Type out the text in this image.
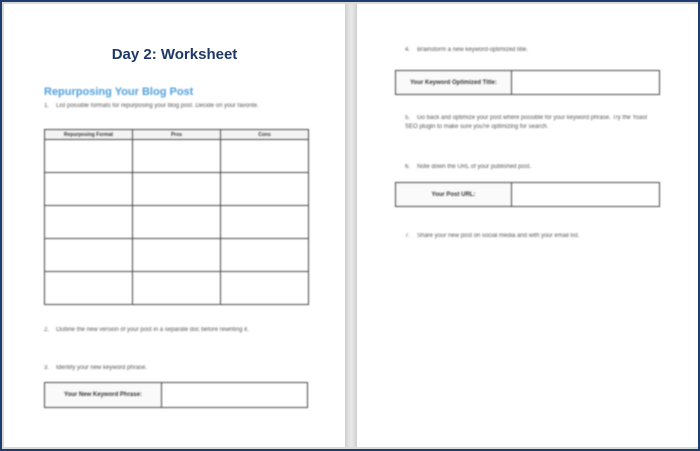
Day 2: Worksheet
Repurposing Your Blog Post
1. List possible formats for repurposing your blog post. Decide on your favorite.
Repurposing Format	Pros	Cons

2. Outline the new version of your post in a separate doc before rewriting it.
3. Identify your new keyword phrase.
Your New Keyword Phrase:
4. Brainstorm a new keyword-optimized title.
Your Keyword Optimized Title:
5. Go back and optimize your post where possible for your keyword phrase. Try the Yoast SEO plugin to make sure you're optimizing for search.
6. Note down the URL of your published post.
Your Post URL:
7. Share your new post on social media and with your email list.
